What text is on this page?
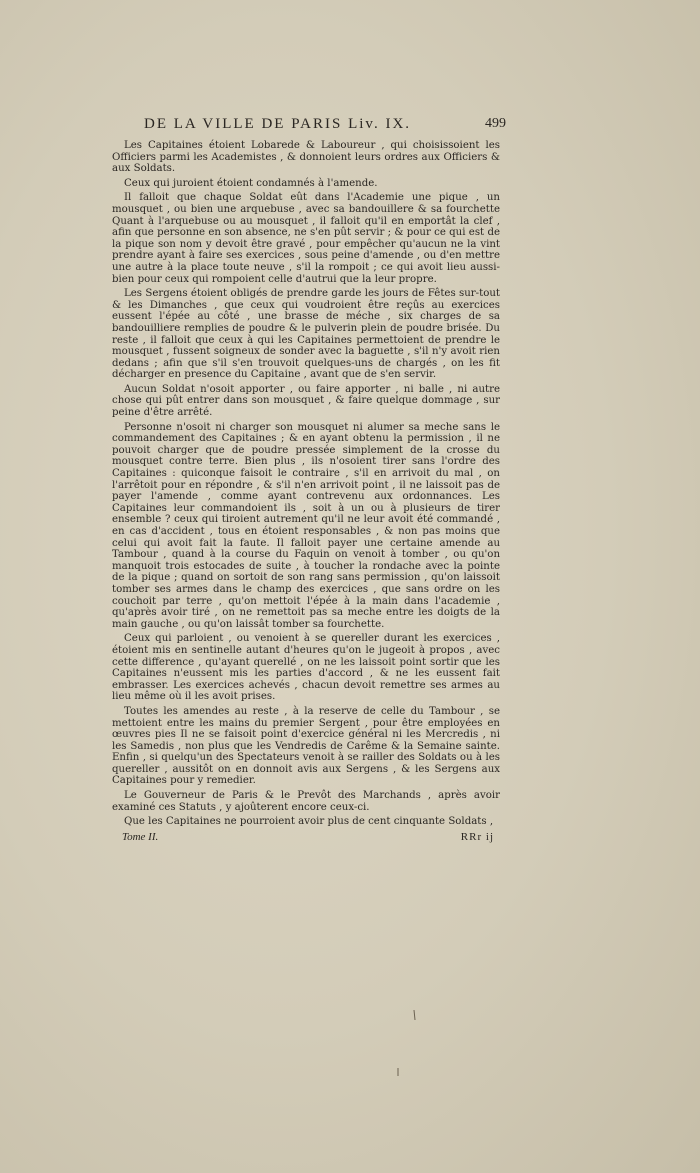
DE LA VILLE DE PARIS Liv. IX.	499

Les Capitaines étoient Lobarede & Laboureur , qui choisissoient les Officiers parmi les Academistes , & donnoient leurs ordres aux Officiers & aux Soldats.

Ceux qui juroient étoient condamnés à l'amende.

Il falloit que chaque Soldat eût dans l'Academie une pique , un mousquet , ou bien une arquebuse , avec sa bandouillere & sa fourchette Quant à l'arquebuse ou au mousquet , il falloit qu'il en emportât la clef , afin que personne en son absence, ne s'en pût servir ; & pour ce qui est de la pique son nom y devoit être gravé , pour empêcher qu'aucun ne la vint prendre ayant à faire ses exercices , sous peine d'amende , ou d'en mettre une autre à la place toute neuve , s'il la rompoit ; ce qui avoit lieu aussi-bien pour ceux qui rompoient celle d'autrui que la leur propre.

Les Sergens étoient obligés de prendre garde les jours de Fêtes sur-tout & les Dimanches , que ceux qui voudroient être reçûs au exercices eussent l'épée au côté , une brasse de méche , six charges de sa bandouilliere remplies de poudre & le pulverin plein de poudre brisée. Du reste , il falloit que ceux à qui les Capitaines permettoient de prendre le mousquet , fussent soigneux de sonder avec la baguette , s'il n'y avoit rien dedans ; afin que s'il s'en trouvoit quelques-uns de chargés , on les fit décharger en presence du Capitaine , avant que de s'en servir.

Aucun Soldat n'osoit apporter , ou faire apporter , ni balle , ni autre chose qui pût entrer dans son mousquet , & faire quelque dommage , sur peine d'être arrêté.

Personne n'osoit ni charger son mousquet ni alumer sa meche sans le commandement des Capitaines ; & en ayant obtenu la permission , il ne pouvoit charger que de poudre pressée simplement de la crosse du mousquet contre terre. Bien plus , ils n'osoient tirer sans l'ordre des Capitaines : quiconque faisoit le contraire , s'il en arrivoit du mal , on l'arrêtoit pour en répondre , & s'il n'en arrivoit point , il ne laissoit pas de payer l'amende , comme ayant contrevenu aux ordonnances. Les Capitaines leur commandoient ils , soit à un ou à plusieurs de tirer ensemble ? ceux qui tiroient autrement qu'il ne leur avoit été commandé , en cas d'accident , tous en étoient responsables , & non pas moins que celui qui avoit fait la faute. Il falloit payer une certaine amende au Tambour , quand à la course du Faquin on venoit à tomber , ou qu'on manquoit trois estocades de suite , à toucher la rondache avec la pointe de la pique ; quand on sortoit de son rang sans permission , qu'on laissoit tomber ses armes dans le champ des exercices , que sans ordre on les couchoit par terre , qu'on mettoit l'épée à la main dans l'academie , qu'après avoir tiré , on ne remettoit pas sa meche entre les doigts de la main gauche , ou qu'on laissât tomber sa fourchette.

Ceux qui parloient , ou venoient à se quereller durant les exercices , étoient mis en sentinelle autant d'heures qu'on le jugeoit à propos , avec cette difference , qu'ayant querellé , on ne les laissoit point sortir que les Capitaines n'eussent mis les parties d'accord , & ne les eussent fait embrasser. Les exercices achevés , chacun devoit remettre ses armes au lieu même où il les avoit prises.

Toutes les amendes au reste , à la reserve de celle du Tambour , se mettoient entre les mains du premier Sergent , pour être employées en œuvres pies Il ne se faisoit point d'exercice général ni les Mercredis , ni les Samedis , non plus que les Vendredis de Carême & la Semaine sainte. Enfin , si quelqu'un des Spectateurs venoit à se railler des Soldats ou à les quereller , aussitôt on en donnoit avis aux Sergens , & les Sergens aux Capitaines pour y remedier.

Le Gouverneur de Paris & le Prevôt des Marchands , après avoir examiné ces Statuts , y ajoûterent encore ceux-ci.

Que les Capitaines ne pourroient avoir plus de cent cinquante Soldats ,

Tome II.	RRr ij
